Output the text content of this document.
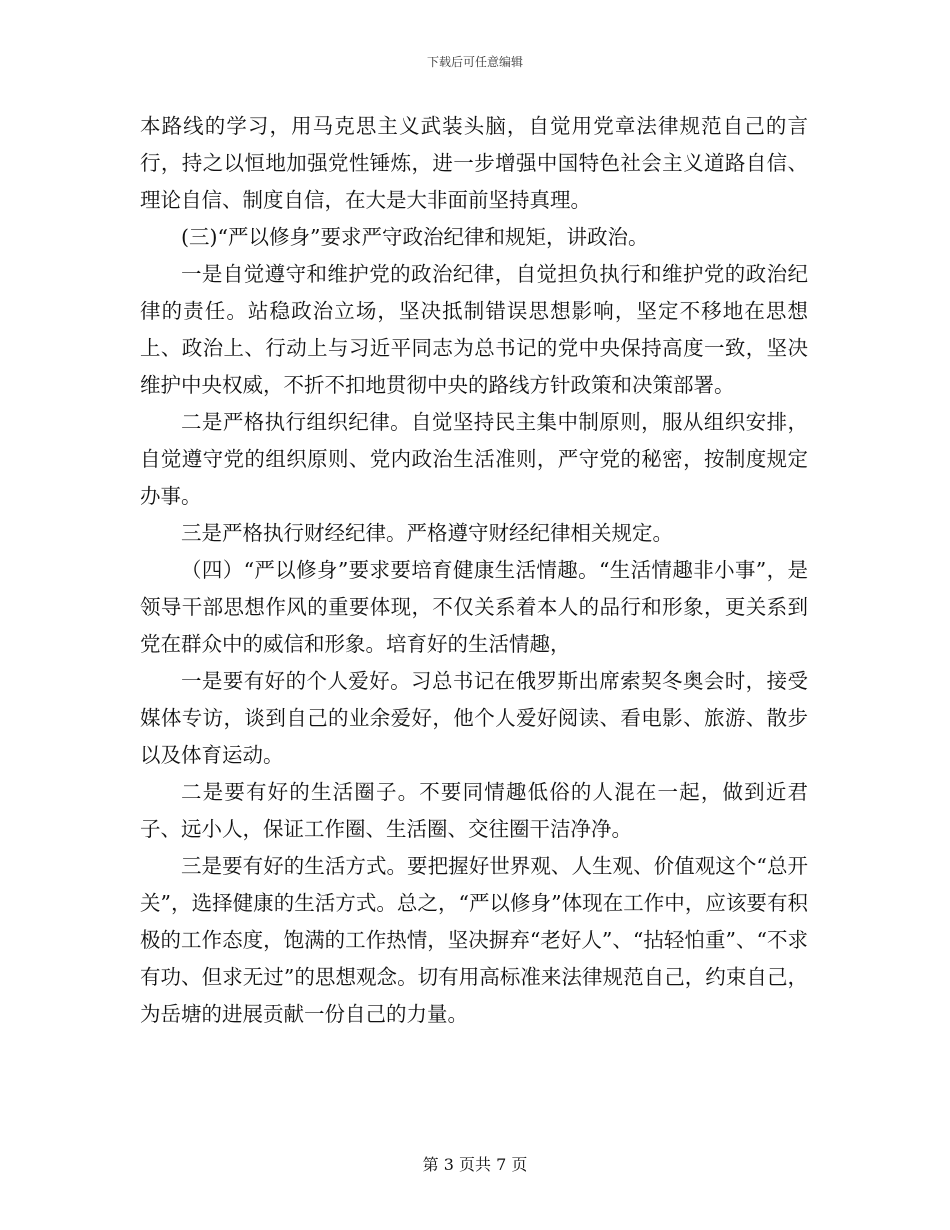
下载后可任意编辑

本路线的学习，用马克思主义武装头脑，自觉用党章法律规范自己的言行，持之以恒地加强党性锤炼，进一步增强中国特色社会主义道路自信、理论自信、制度自信，在大是大非面前坚持真理。

(三)“严以修身”要求严守政治纪律和规矩，讲政治。

一是自觉遵守和维护党的政治纪律，自觉担负执行和维护党的政治纪律的责任。站稳政治立场，坚决抵制错误思想影响，坚定不移地在思想上、政治上、行动上与习近平同志为总书记的党中央保持高度一致，坚决维护中央权威，不折不扣地贯彻中央的路线方针政策和决策部署。

二是严格执行组织纪律。自觉坚持民主集中制原则，服从组织安排，自觉遵守党的组织原则、党内政治生活准则，严守党的秘密，按制度规定办事。

三是严格执行财经纪律。严格遵守财经纪律相关规定。

（四）“严以修身”要求要培育健康生活情趣。“生活情趣非小事”，是领导干部思想作风的重要体现，不仅关系着本人的品行和形象，更关系到党在群众中的威信和形象。培育好的生活情趣，

一是要有好的个人爱好。习总书记在俄罗斯出席索契冬奥会时，接受媒体专访，谈到自己的业余爱好，他个人爱好阅读、看电影、旅游、散步以及体育运动。

二是要有好的生活圈子。不要同情趣低俗的人混在一起，做到近君子、远小人，保证工作圈、生活圈、交往圈干洁净净。

三是要有好的生活方式。要把握好世界观、人生观、价值观这个“总开关”，选择健康的生活方式。总之，“严以修身”体现在工作中，应该要有积极的工作态度，饱满的工作热情，坚决摒弃“老好人”、“拈轻怕重”、“不求有功、但求无过”的思想观念。切有用高标准来法律规范自己，约束自己，为岳塘的进展贡献一份自己的力量。

第 3 页共 7 页
